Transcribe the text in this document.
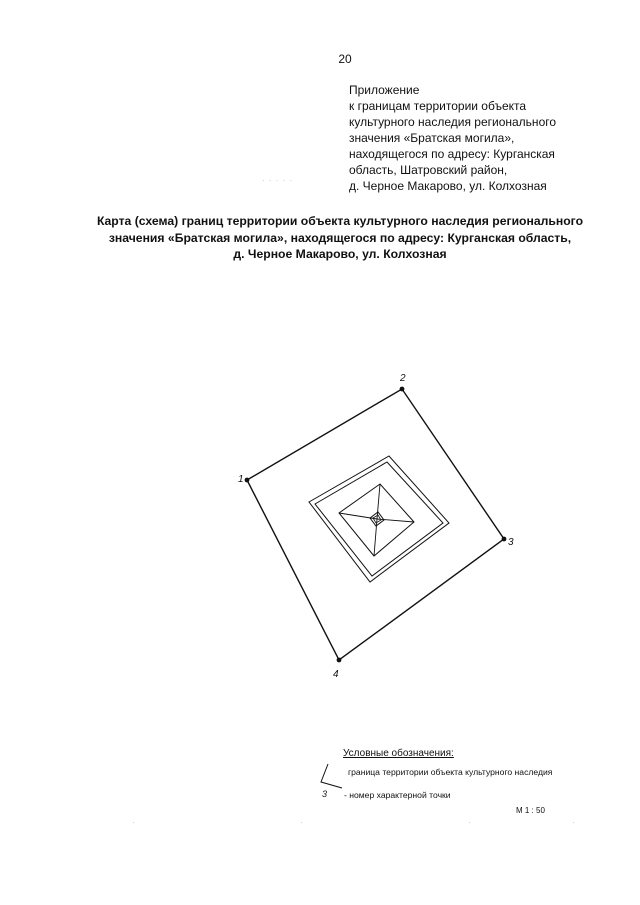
20
Приложение
к границам территории объекта
культурного наследия регионального
значения «Братская могила»,
находящегося по адресу: Курганская
область, Шатровский район,
д. Черное Макарово, ул. Колхозная
· · · · ·
Карта (схема) границ территории объекта культурного наследия регионального
значения «Братская могила», находящегося по адресу: Курганская область,
д. Черное Макарово, ул. Колхозная
1
2
3
4
Условные обозначения:
граница территории объекта культурного наследия
3 - номер характерной точки
М 1 : 50
·	·	·	·
